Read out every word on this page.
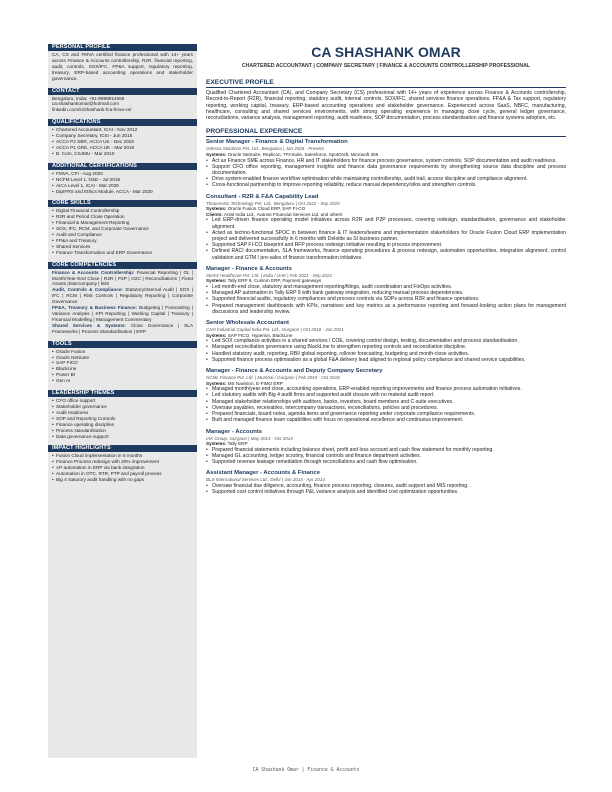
PERSONAL PROFILE

CA, CS and FMVA certified finance professional with 14+ years across Finance & Accounts controllership, R2R, financial reporting, audit, controls, SOX/IFC, FP&A support, regulatory reporting, treasury, ERP-based accounting operations and stakeholder governance.

CONTACT
Bengaluru, India; +91-9999814658
ca.shashankomar@hotmail.com
linkedin.com/in/shashank-fca-fmva-cs/
QUALIFICATIONS
• Chartered Accountant, ICAI - Nov 2012
• Company Secretary, ICSI - Jun 2015
• ACCA P2 SBR, ACCA UK - Dec 2018
• ACCA P1 GRE, ACCA UK - Mar 2018
• B. Com, CSJMU - Mar 2010
ADDITIONAL CERTIFICATIONS
• FMVA, CFI - Aug 2020
• NCFM Level 1, NSE - Jul 2015
• AICA Level 1, ICAI - Mar 2025
• DipIFRS and Ethics Module, ACCA - Mar 2020
CORE SKILLS
• Digital Financial Controllership
• R2R and Period Close Operation
• Financial & Management Reporting
• SOX, IFC, RCM, and Corporate Governance
• Audit and Compliance
• FP&A and Treasury
• Shared Services
• Finance Transformation and ERP Governance
CORE COMPETENCIES

Finance & Accounts Controllership: Financial Reporting | GL | Month/Year-End Close | R2R | P2P | O2C | Reconciliations | Fixed Assets |Intercompany | MIS

Audit, Controls & Compliance: Statutory/Internal Audit | SOX | IFC | RCM | Risk Controls | Regulatory Reporting | Corporate Governance

FP&A, Treasury & Business Finance: Budgeting | Forecasting | Variance Analysis | KPI Reporting | Working Capital | Treasury | Financial Modelling | Management Commentary

Shared Services & Systems: Close Governance | SLA Frameworks | Process Standardisation | ERP

TOOLS
• Oracle Fusion
• Oracle NetSuite
• SAP FICO
• BlackLine
• Power BI
• Gen AI
LEADERSHIP THEMES
• CFO office support
• Stakeholder governance
• Audit readiness
• SOP and Reporting Controls
• Finance operating discipline
• Process standardisation
• Data governance support
IMPACT HIGHLIGHTS
• Fusion Cloud implementation in 6 months
• Finance Process redesign with 20% improvement
• AP automation in ERP via bank integration
• Automation in OTC, RTR, PTP and payroll process
• Big 4 statutory audit handling with no gaps
CA SHASHANK OMAR
CHARTERED ACCOUNTANT | COMPANY SECRETARY | FINANCE & ACCOUNTS CONTROLLERSHIP PROFESSIONAL
EXECUTIVE PROFILE

Qualified Chartered Accountant (CA), and Company Secretary (CS) professional with 14+ years of experience across Finance & Accounts controllership, Record-to-Report (R2R), financial reporting, statutory audit, internal controls, SOX/IFC, shared services finance operations, FP&A & Tax support, regulatory reporting, working capital, treasury, ERP-based accounting operations and stakeholder governance. Experienced across SaaS, NBFC, manufacturing, healthcare, consulting and shared services environments, with strong operating experience in managing close cycle, general ledger governance, reconciliations, variance analysis, management reporting, audit readiness, SOP documentation, process standardisation and finance systems adoption, etc.

PROFESSIONAL EXPERIENCE
Senior Manager - Finance & Digital Transformation
Odessa Solutions Pvt. Ltd., Bengaluru | Jan 2026 - Present
Systems: Oracle NetSuite, Replicon, TFASuite, Salesforce, SpotDraft, Microsoft 365
• Act as Finance SME across Finance, HR and IT stakeholders for finance process governance, system controls, SOP documentation and audit readiness.
• Support CFO office reporting, management insights and finance data governance requirements by strengthening source data discipline and process documentation.
• Drive system-enabled finance workflow optimisation while maintaining controllership, audit trail, access discipline and compliance alignment.
• Cross-functional partnership to improve reporting reliability, reduce manual dependency/silos and strengthen controls.
Consultant - R2R & F&A Capability Lead
Thoucentric Technology Pvt. Ltd., Bengaluru | Oct 2022 - Sep 2025
Systems: Oracle Fusion Cloud ERP, SAP FI-CO
Clients: Anlal India Ltd., Avanse Financial Services Ltd. and others
• Led ERP-driven finance operating model initiatives across R2R and P2P processes, covering redesign, standardisation, governance and stakeholder alignment.
• Acted as techno-functional SPOC in between finance & IT leaders/teams and implementation stakeholders for Oracle Fusion Cloud ERP implementation project and delivered successfully in 6 months with Deloitte as SI business partner.
• Supported SAP FI-CO blueprint and RFP process redesign initiative resulting in process improvement.
• Defined RACI documentation, SLA frameworks, finance operating procedures & process redesign, automation opportunities, integration alignment, control validation and GTM / pre-sales of finance transformation initiatives.
Manager - Finance & Accounts
Stemz Healthcare Pvt. Ltd. | India / UAE | Feb 2021 - Sep 2022
Systems: Tally ERP 9, Custom ERP, Payment gateways
• Led month-end close, statutory and management reporting/filings, audit coordination and FinOps activities.
• Managed AP automation in Tally ERP 9 with bank gateway integration, reducing manual process dependencies.
• Supported financial audits, regulatory compliances and process controls via SOPs across R2R and finance operations.
• Prepared management dashboards with KPIs, narratives and key metrics as a performance reporting and forward-looking action plans for management discussions and leadership review.
Senior Wholesale Accountant
CNH Industrial Capital India Pvt. Ltd., Gurgaon | Oct 2018 - Jan 2021
Systems: SAP FICO, Hyperion, BlackLine
• Led SOX compliance activities in a shared services / COE, covering control design, testing, documentation and process standardisation.
• Managed reconciliation governance using BlackLine to strengthen reporting controls and reconciliation discipline.
• Handled statutory audit, reporting, RBI/ global reporting, rollover forecasting, budgeting and month-close activities.
• Supported finance process optimisation as a global F&A delivery lead aligned to regional policy compliance and shared service capabilities.
Manager - Finance & Accounts and Deputy Company Secretary
NCML Finance Pvt. Ltd. | Mumbai / Gurgaon | Feb 2015 - Oct 2018
Systems: MS Navision, E-FIMO ERP
• Managed month/year-end close, accounting operations, ERP-enabled reporting improvements and finance process automation initiatives.
• Led statutory audits with Big 4 audit firms and supported audit closure with no material audit report.
• Managed stakeholder relationships with auditors, banks, investors, board members and C-suite executives.
• Oversaw payables, receivables, intercompany transactions, reconciliations, policies and procedures.
• Prepared financials, board notes, agenda items and governance reporting under corporate compliance requirements.
• Built and managed finance team capabilities with focus on operational excellence and continuous improvement.
Manager - Accounts
IAK Group, Gurgaon | May 2014 - Oct 2014
Systems: Tally ERP
• Prepared financial statements including balance sheet, profit and loss account and cash flow statement for monthly reporting.
• Managed GL accounting, ledger scrutiny, financial controls and finance department activities.
• Supported revenue leakage remediation through reconciliations and cash flow optimisation.
Assistant Manager - Accounts & Finance
BLS International Services Ltd., Delhi | Jun 2013 - Apr 2014
• Oversaw financial due diligence, accounting, finance process reporting, closures, audit support and MIS reporting.
• Supported cost control initiatives through P&L variance analysis and identified cost optimization opportunities.
CA Shashank Omar | Finance & Accounts
